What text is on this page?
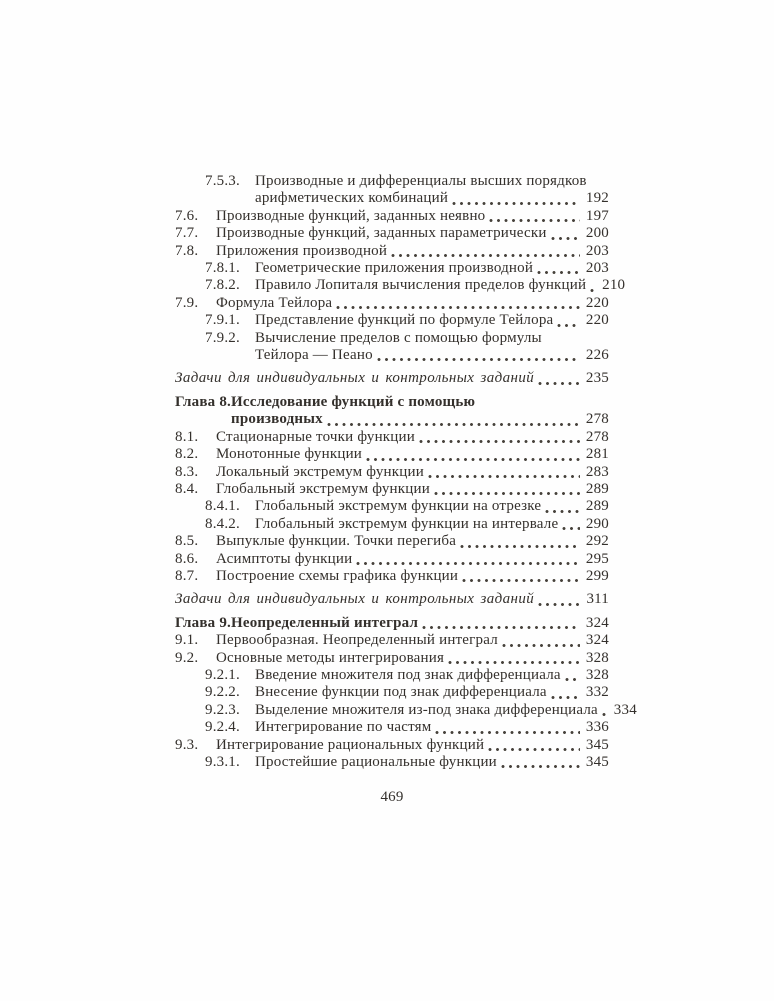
7.5.3.	Производные и дифференциалы высших порядков
арифметических комбинаций	192
7.6.	Производные функций, заданных неявно	197
7.7.	Производные функций, заданных параметрически	200
7.8.	Приложения производной	203
7.8.1.	Геометрические приложения производной	203
7.8.2.	Правило Лопиталя вычисления пределов функций 210
7.9.	Формула Тейлора	220
7.9.1.	Представление функций по формуле Тейлора 220
7.9.2.	Вычисление пределов с помощью формулы
Тейлора — Пеано	226
Задачи для индивидуальных и контрольных заданий	235
Глава 8. Исследование функций с помощью
производных	278
8.1.	Стационарные точки функции	278
8.2.	Монотонные функции	281
8.3.	Локальный экстремум функции	283
8.4.	Глобальный экстремум функции	289
8.4.1.	Глобальный экстремум функции на отрезке	289
8.4.2.	Глобальный экстремум функции на интервале 290
8.5.	Выпуклые функции. Точки перегиба	292
8.6.	Асимптоты функции	295
8.7.	Построение схемы графика функции	299
Задачи для индивидуальных и контрольных заданий	311
Глава 9. Неопределенный интеграл	324
9.1.	Первообразная. Неопределенный интеграл	324
9.2.	Основные методы интегрирования	328
9.2.1.	Введение множителя под знак дифференциала 328
9.2.2.	Внесение функции под знак дифференциала	332
9.2.3.	Выделение множителя из-под знака дифференциала 334
9.2.4.	Интегрирование по частям	336
9.3.	Интегрирование рациональных функций	345
9.3.1.	Простейшие рациональные функции	345
469
